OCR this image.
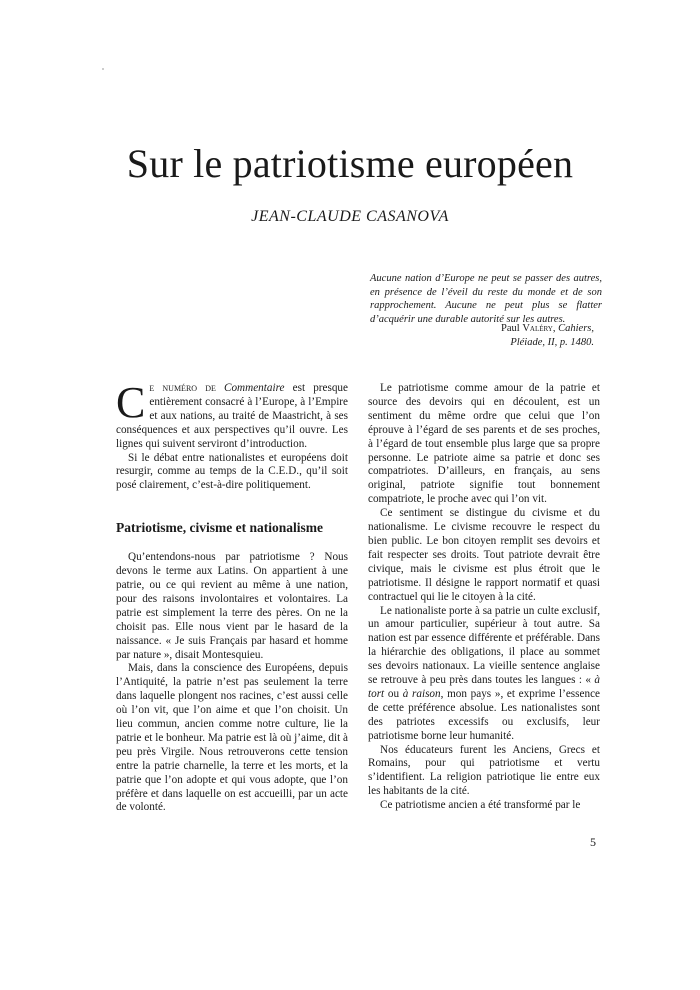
Sur le patriotisme européen
JEAN-CLAUDE CASANOVA
Aucune nation d’Europe ne peut se passer des autres, en présence de l’éveil du reste du monde et de son rapprochement. Aucune ne peut plus se flatter d’acquérir une durable autorité sur les autres.
Paul Valéry, Cahiers,
Pléiade, II, p. 1480.

Ce numéro de Commentaire est presque entièrement consacré à l’Europe, à l’Empire et aux nations, au traité de Maastricht, à ses conséquences et aux perspectives qu’il ouvre. Les lignes qui suivent serviront d’introduction.

Si le débat entre nationalistes et européens doit resurgir, comme au temps de la C.E.D., qu’il soit posé clairement, c’est-à-dire politiquement.

Patriotisme, civisme et nationalisme

Qu’entendons-nous par patriotisme ? Nous devons le terme aux Latins. On appartient à une patrie, ou ce qui revient au même à une nation, pour des raisons involontaires et volontaires. La patrie est simplement la terre des pères. On ne la choisit pas. Elle nous vient par le hasard de la naissance. « Je suis Français par hasard et homme par nature », disait Montesquieu.

Mais, dans la conscience des Européens, depuis l’Antiquité, la patrie n’est pas seulement la terre dans laquelle plongent nos racines, c’est aussi celle où l’on vit, que l’on aime et que l’on choisit. Un lieu commun, ancien comme notre culture, lie la patrie et le bonheur. Ma patrie est là où j’aime, dit à peu près Virgile. Nous retrouverons cette tension entre la patrie charnelle, la terre et les morts, et la patrie que l’on adopte et qui vous adopte, que l’on préfère et dans laquelle on est accueilli, par un acte de volonté.

Le patriotisme comme amour de la patrie et source des devoirs qui en découlent, est un sentiment du même ordre que celui que l’on éprouve à l’égard de ses parents et de ses proches, à l’égard de tout ensemble plus large que sa propre personne. Le patriote aime sa patrie et donc ses compatriotes. D’ailleurs, en français, au sens original, patriote signifie tout bonnement compatriote, le proche avec qui l’on vit.

Ce sentiment se distingue du civisme et du nationalisme. Le civisme recouvre le respect du bien public. Le bon citoyen remplit ses devoirs et fait respecter ses droits. Tout patriote devrait être civique, mais le civisme est plus étroit que le patriotisme. Il désigne le rapport normatif et quasi contractuel qui lie le citoyen à la cité.

Le nationaliste porte à sa patrie un culte exclusif, un amour particulier, supérieur à tout autre. Sa nation est par essence différente et préférable. Dans la hiérarchie des obligations, il place au sommet ses devoirs nationaux. La vieille sentence anglaise se retrouve à peu près dans toutes les langues : « à tort ou à raison, mon pays », et exprime l’essence de cette préférence absolue. Les nationalistes sont des patriotes excessifs ou exclusifs, leur patriotisme borne leur humanité.

Nos éducateurs furent les Anciens, Grecs et Romains, pour qui patriotisme et vertu s’identifient. La religion patriotique lie entre eux les habitants de la cité.

Ce patriotisme ancien a été transformé par le

5
